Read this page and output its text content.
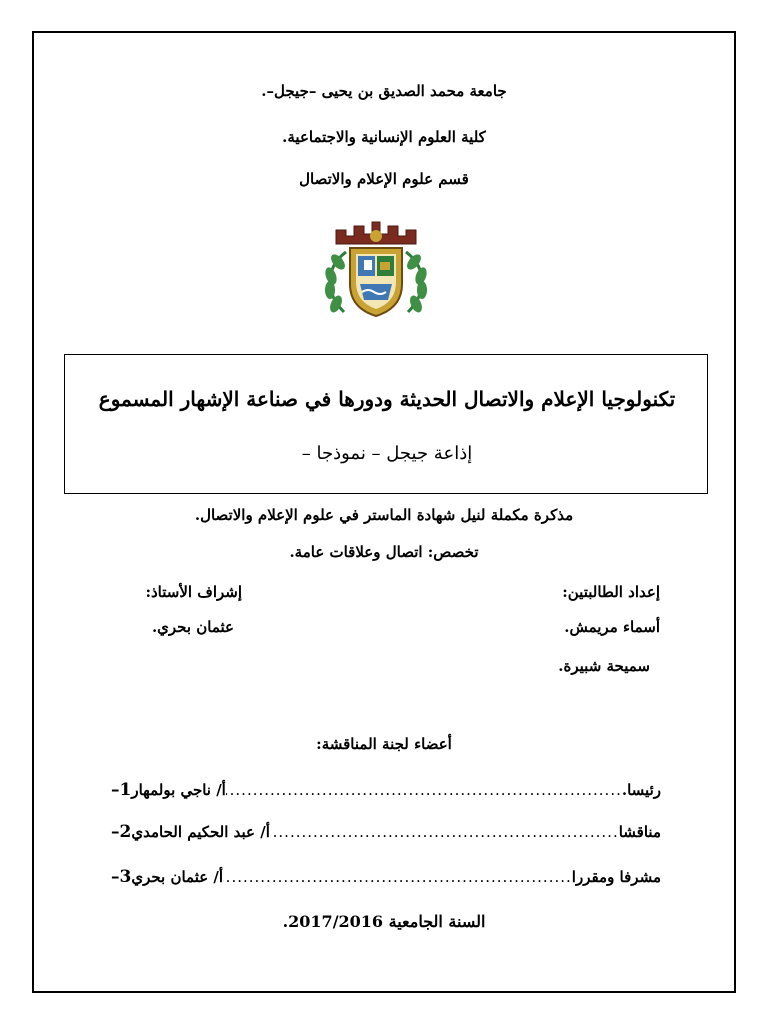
جامعة محمد الصديق بن يحيى –جيجل–.
كلية العلوم الإنسانية والاجتماعية.
قسم علوم الإعلام والاتصال
تكنولوجيا الإعلام والاتصال الحديثة ودورها في صناعة الإشهار المسموع
إذاعة جيجل – نموذجا –
مذكرة مكملة لنيل شهادة الماستر في علوم الإعلام والاتصال.
تخصص: اتصال وعلاقات عامة.
إعداد الطالبتين:
أسماء مريمش.
سميحة شبيرة.
إشراف الأستاذ:
عثمان بحري.
أعضاء لجنة المناقشة:
1– أ/ ناجي بولمهار .....	رئيسا.
2– أ/ عبد الحكيم الحامدي .....	مناقشا
3– أ/ عثمان بحري .....	مشرفا ومقررا
السنة الجامعية 2017/2016.
